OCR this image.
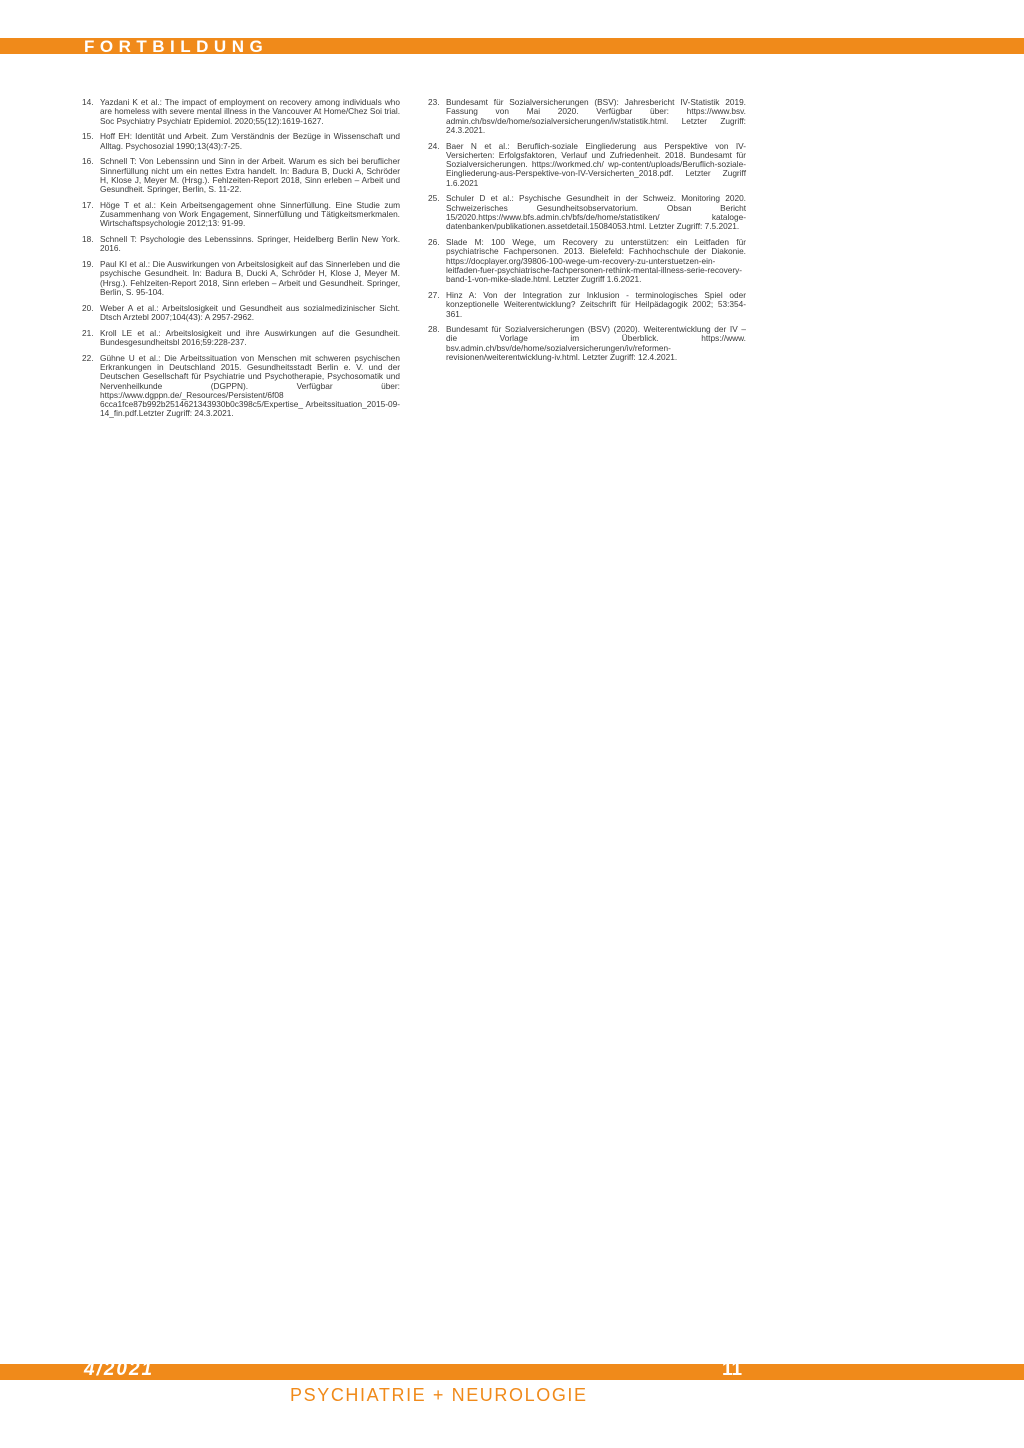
FORTBILDUNG
14. Yazdani K et al.: The impact of employment on recovery among individuals who are homeless with severe mental illness in the Vancouver At Home/Chez Soi trial. Soc Psychiatry Psychiatr Epidemiol. 2020;55(12):1619-1627.
15. Hoff EH: Identität und Arbeit. Zum Verständnis der Bezüge in Wissenschaft und Alltag. Psychosozial 1990;13(43):7-25.
16. Schnell T: Von Lebenssinn und Sinn in der Arbeit. Warum es sich bei beruflicher Sinnerfüllung nicht um ein nettes Extra handelt. In: Badura B, Ducki A, Schröder H, Klose J, Meyer M. (Hrsg.). Fehlzeiten-Report 2018, Sinn erleben – Arbeit und Gesundheit. Springer, Berlin, S. 11-22.
17. Höge T et al.: Kein Arbeitsengagement ohne Sinnerfüllung. Eine Studie zum Zusammenhang von Work Engagement, Sinnerfüllung und Tätigkeitsmerkmalen. Wirtschaftspsychologie 2012;13: 91-99.
18. Schnell T: Psychologie des Lebenssinns. Springer, Heidelberg Berlin New York. 2016.
19. Paul KI et al.: Die Auswirkungen von Arbeitslosigkeit auf das Sinnerleben und die psychische Gesundheit. In: Badura B, Ducki A, Schröder H, Klose J, Meyer M. (Hrsg.). Fehlzeiten-Report 2018, Sinn erleben – Arbeit und Gesundheit. Springer, Berlin, S. 95-104.
20. Weber A et al.: Arbeitslosigkeit und Gesundheit aus sozialmedizinischer Sicht. Dtsch Arztebl 2007;104(43): A 2957-2962.
21. Kroll LE et al.: Arbeitslosigkeit und ihre Auswirkungen auf die Gesundheit. Bundesgesundheitsbl 2016;59:228-237.
22. Gühne U et al.: Die Arbeitssituation von Menschen mit schweren psychischen Erkrankungen in Deutschland 2015. Gesundheitsstadt Berlin e. V. und der Deutschen Gesellschaft für Psychiatrie und Psychotherapie, Psychosomatik und Nervenheilkunde (DGPPN). Verfügbar über: https://www.dgppn.de/_Resources/Persistent/6f08 6cca1fce87b992b2514621343930b0c398c5/Expertise_ Arbeitssituation_2015-09-14_fin.pdf.Letzter Zugriff: 24.3.2021.
23. Bundesamt für Sozialversicherungen (BSV): Jahresbericht IV-Statistik 2019. Fassung von Mai 2020. Verfügbar über: https://www.bsv. admin.ch/bsv/de/home/sozialversicherungen/iv/statistik.html. Letzter Zugriff: 24.3.2021.
24. Baer N et al.: Beruflich-soziale Eingliederung aus Perspektive von IV-Versicherten: Erfolgsfaktoren, Verlauf und Zufriedenheit. 2018. Bundesamt für Sozialversicherungen. https://workmed.ch/ wp-content/uploads/Beruflich-soziale-Eingliederung-aus-Perspektive-von-IV-Versicherten_2018.pdf. Letzter Zugriff 1.6.2021
25. Schuler D et al.: Psychische Gesundheit in der Schweiz. Monitoring 2020. Schweizerisches Gesundheitsobservatorium. Obsan Bericht 15/2020.https://www.bfs.admin.ch/bfs/de/home/statistiken/ kataloge-datenbanken/publikationen.assetdetail.15084053.html. Letzter Zugriff: 7.5.2021.
26. Slade M: 100 Wege, um Recovery zu unterstützen: ein Leitfaden für psychiatrische Fachpersonen. 2013. Bielefeld: Fachhochschule der Diakonie. https://docplayer.org/39806-100-wege-um-recovery-zu-unterstuetzen-ein-leitfaden-fuer-psychiatrische-fachpersonen-rethink-mental-illness-serie-recovery-band-1-von-mike-slade.html. Letzter Zugriff 1.6.2021.
27. Hinz A: Von der Integration zur Inklusion - terminologisches Spiel oder konzeptionelle Weiterentwicklung? Zeitschrift für Heilpädagogik 2002; 53:354-361.
28. Bundesamt für Sozialversicherungen (BSV) (2020). Weiterentwicklung der IV – die Vorlage im Überblick. https://www. bsv.admin.ch/bsv/de/home/sozialversicherungen/iv/reformen-revisionen/weiterentwicklung-iv.html. Letzter Zugriff: 12.4.2021.
4/2021	11
PSYCHIATRIE + NEUROLOGIE
